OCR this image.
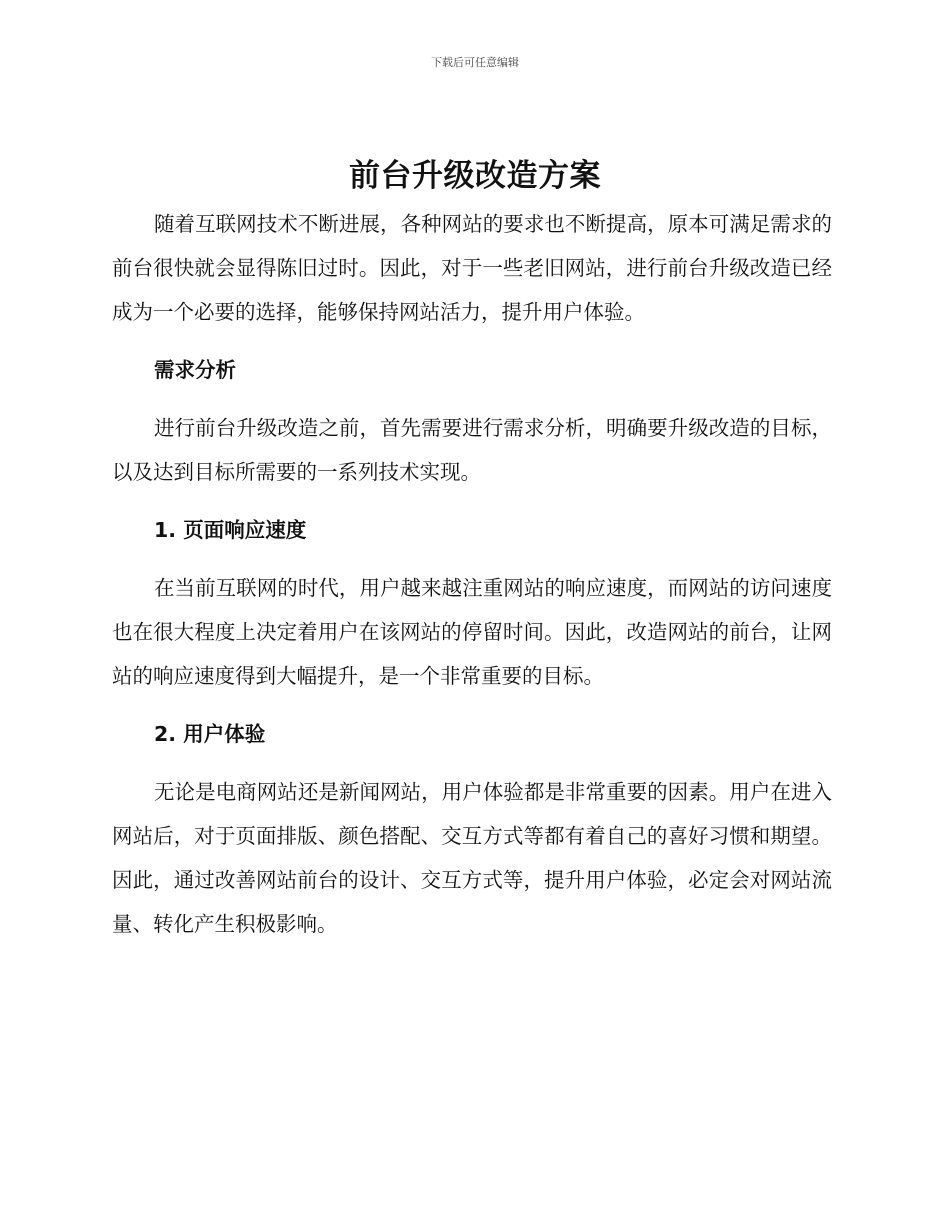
下载后可任意编辑
前台升级改造方案

随着互联网技术不断进展，各种网站的要求也不断提高，原本可满足需求的前台很快就会显得陈旧过时。因此，对于一些老旧网站，进行前台升级改造已经成为一个必要的选择，能够保持网站活力，提升用户体验。

需求分析

进行前台升级改造之前，首先需要进行需求分析，明确要升级改造的目标，以及达到目标所需要的一系列技术实现。

1. 页面响应速度

在当前互联网的时代，用户越来越注重网站的响应速度，而网站的访问速度也在很大程度上决定着用户在该网站的停留时间。因此，改造网站的前台，让网站的响应速度得到大幅提升，是一个非常重要的目标。

2. 用户体验

无论是电商网站还是新闻网站，用户体验都是非常重要的因素。用户在进入网站后，对于页面排版、颜色搭配、交互方式等都有着自己的喜好习惯和期望。因此，通过改善网站前台的设计、交互方式等，提升用户体验，必定会对网站流量、转化产生积极影响。
